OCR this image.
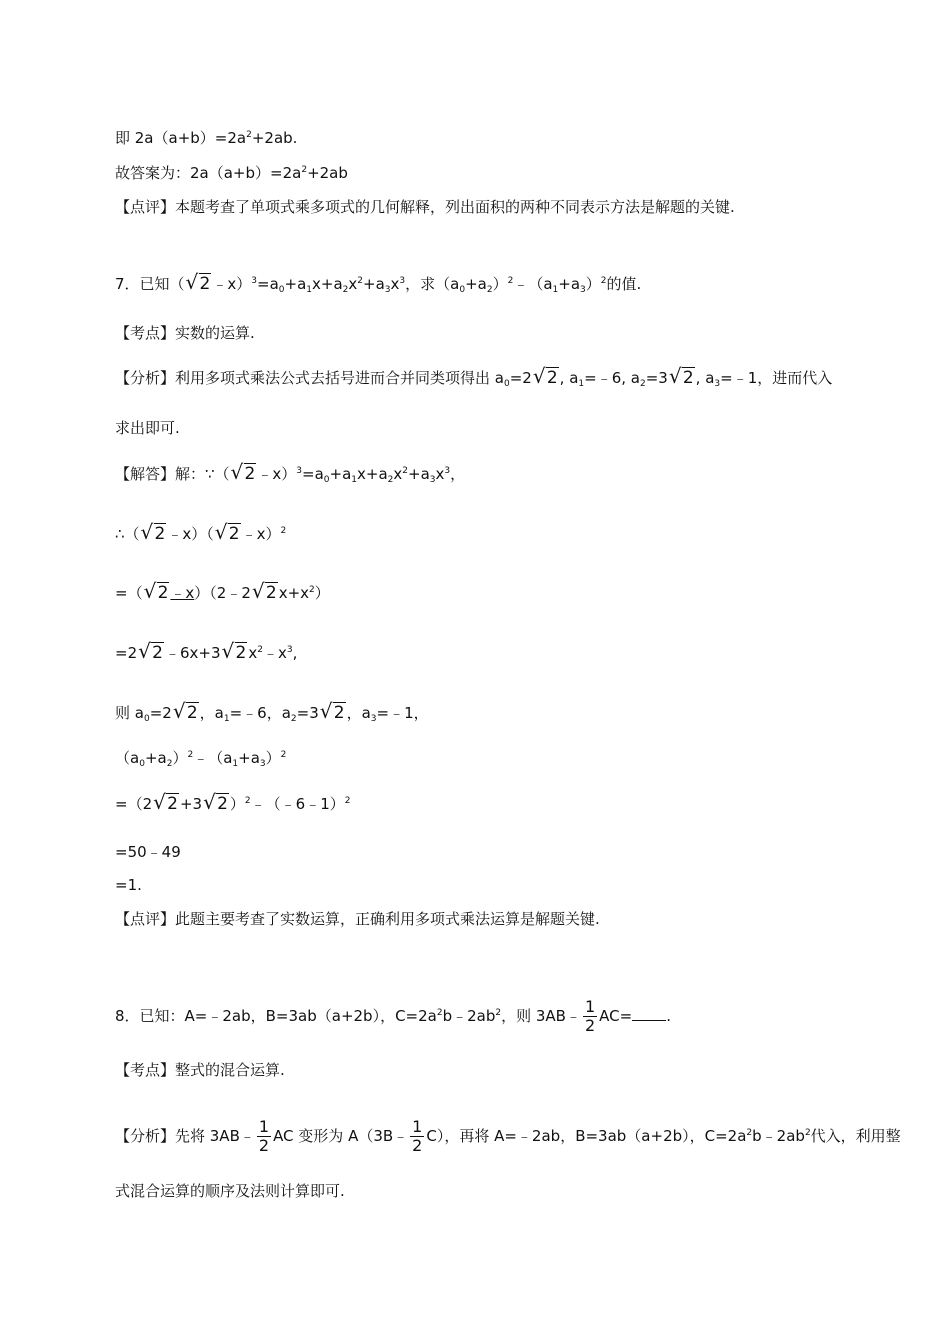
即 $2a(a+b)=2a^2+2ab$.
故答案为：$2a(a+b)=2a^2+2ab$
【点评】本题考查了单项式乘多项式的几何解释，列出面积的两种不同表示方法是解题的关键.
7．已知（ √ 2 $﹣x)^3=a_0+a_1x+a_2x^2+a_3x^3$，求$(a_0+a_2)^2﹣(a_1+a_3)^2$的值.
【考点】实数的运算.
【分析】利用多项式乘法公式去括号进而合并同类项得出 $a_0=2$ √ 2 , $a_1=﹣6$, $a_2=3$ √ 2 , $a_3=﹣1$，进而代入
求出即可.
【解答】解：∵（ √ 2 $﹣x)^3=a_0+a_1x+a_2x^2+a_3x^3$，
∴（ √ 2 ﹣x）（ √ 2 ﹣x）$^2$
=（ √ 2 ﹣x）（2﹣2 √ 2 $x+x^2$）
=2 √ 2 ﹣6x+3 √ 2 $x^2﹣x^3$,
则 $a_0=2$ √ 2 ，$a_1=﹣6$，$a_2=3$ √ 2 ，$a_3=﹣1$，
$(a_0+a_2)^2﹣(a_1+a_3)^2$
=（2 √ 2 +3 √ 2 ）$^2$﹣（﹣6﹣1）$^2$
=50﹣49
=1.
【点评】此题主要考查了实数运算，正确利用多项式乘法运算是解题关键.
8．已知：A=﹣2ab，B=3ab（a+2b），$C=2a^2b﹣2ab^2$，则 3AB﹣ $\frac{1}{2} AC=$ .
【考点】整式的混合运算.
【分析】先将 3AB﹣ $\frac{1}{2}$ AC 变形为 A（3B﹣ $\frac{1}{2} C$），再将 A=﹣2ab，B=3ab（a+2b），$C=2a^2b﹣2ab^2$代入，利用整
式混合运算的顺序及法则计算即可.
